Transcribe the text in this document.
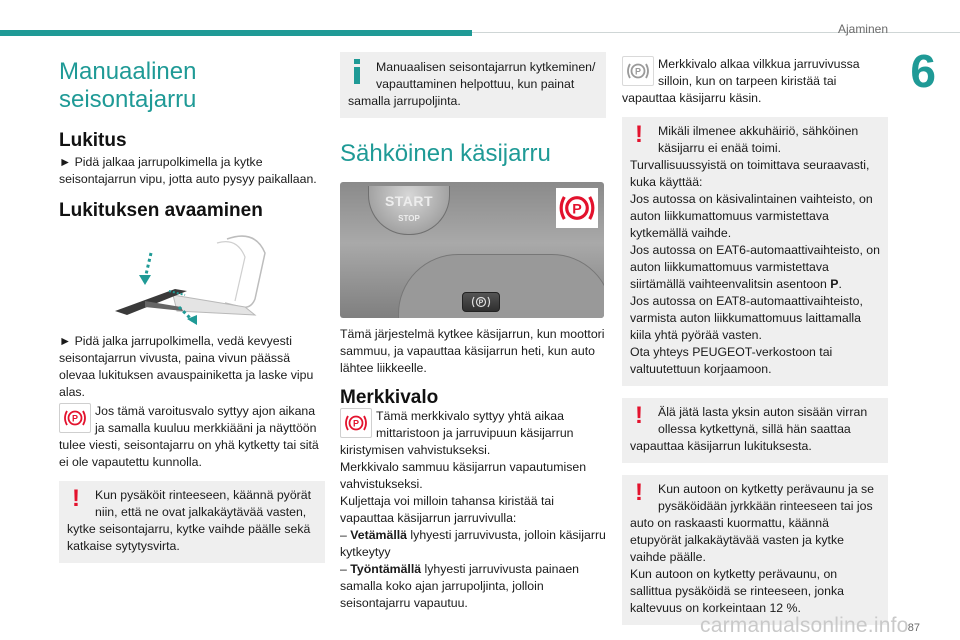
Ajaminen
6
Manuaalinen seisontajarru
Lukitus

► Pidä jalkaa jarrupolkimella ja kytke seisontajarrun vipu, jotta auto pysyy paikallaan.

Lukituksen avaaminen

► Pidä jalka jarrupolkimella, vedä kevyesti seisontajarrun vivusta, paina vivun päässä olevaa lukituksen avauspainiketta ja laske vipu alas.

P
Jos tämä varoitusvalo syttyy ajon aikana ja samalla kuuluu merkkiääni ja näyttöön tulee viesti, seisontajarru on yhä kytketty tai sitä ei ole vapautettu kunnolla.
! Kun pysäköit rinteeseen, käännä pyörät niin, että ne ovat jalkakäytävää vasten, kytke seisontajarru, kytke vaihde päälle sekä katkaise sytytysvirta.
Manuaalisen seisontajarrun kytkeminen/ vapauttaminen helpottuu, kun painat samalla jarrupoljinta.
Sähköinen käsijarru
START
STOP
P
P

Tämä järjestelmä kytkee käsijarrun, kun moottori sammuu, ja vapauttaa käsijarrun heti, kun auto lähtee liikkeelle.

Merkkivalo
P
Tämä merkkivalo syttyy yhtä aikaa mittaristoon ja jarruvipuun käsijarrun kiristymisen vahvistukseksi.

Merkkivalo sammuu käsijarrun vapautumisen vahvistukseksi.

Kuljettaja voi milloin tahansa kiristää tai vapauttaa käsijarrun jarruvivulla:

– Vetämällä lyhyesti jarruvivusta, jolloin käsijarru kytkeytyy

– Työntämällä lyhyesti jarruvivusta painaen samalla koko ajan jarrupoljinta, jolloin seisontajarru vapautuu.

P
Merkkivalo alkaa vilkkua jarruvivussa silloin, kun on tarpeen kiristää tai vapauttaa käsijarru käsin.
!	Mikäli ilmenee akkuhäiriö, sähköinen käsijarru ei enää toimi.

Turvallisuussyistä on toimittava seuraavasti, kuka käyttää:

Jos autossa on käsivalintainen vaihteisto, on auton liikkumattomuus varmistettava kytkemällä vaihde.

Jos autossa on EAT6-automaattivaihteisto, on auton liikkumattomuus varmistettava siirtämällä vaihteenvalitsin asentoon P.

Jos autossa on EAT8-automaattivaihteisto, varmista auton liikkumattomuus laittamalla kiila yhtä pyörää vasten.

Ota yhteys PEUGEOT-verkostoon tai valtuutettuun korjaamoon.

! Älä jätä lasta yksin auton sisään virran ollessa kytkettynä, sillä hän saattaa vapauttaa käsijarrun lukituksesta.
!	Kun autoon on kytketty perävaunu ja se pysäköidään jyrkkään rinteeseen tai jos auto on raskaasti kuormattu, käännä etupyörät jalkakäytävää vasten ja kytke vaihde päälle.

Kun autoon on kytketty perävaunu, on sallittua pysäköidä se rinteeseen, jonka kaltevuus on korkeintaan 12 %.

carmanualsonline.info 87
